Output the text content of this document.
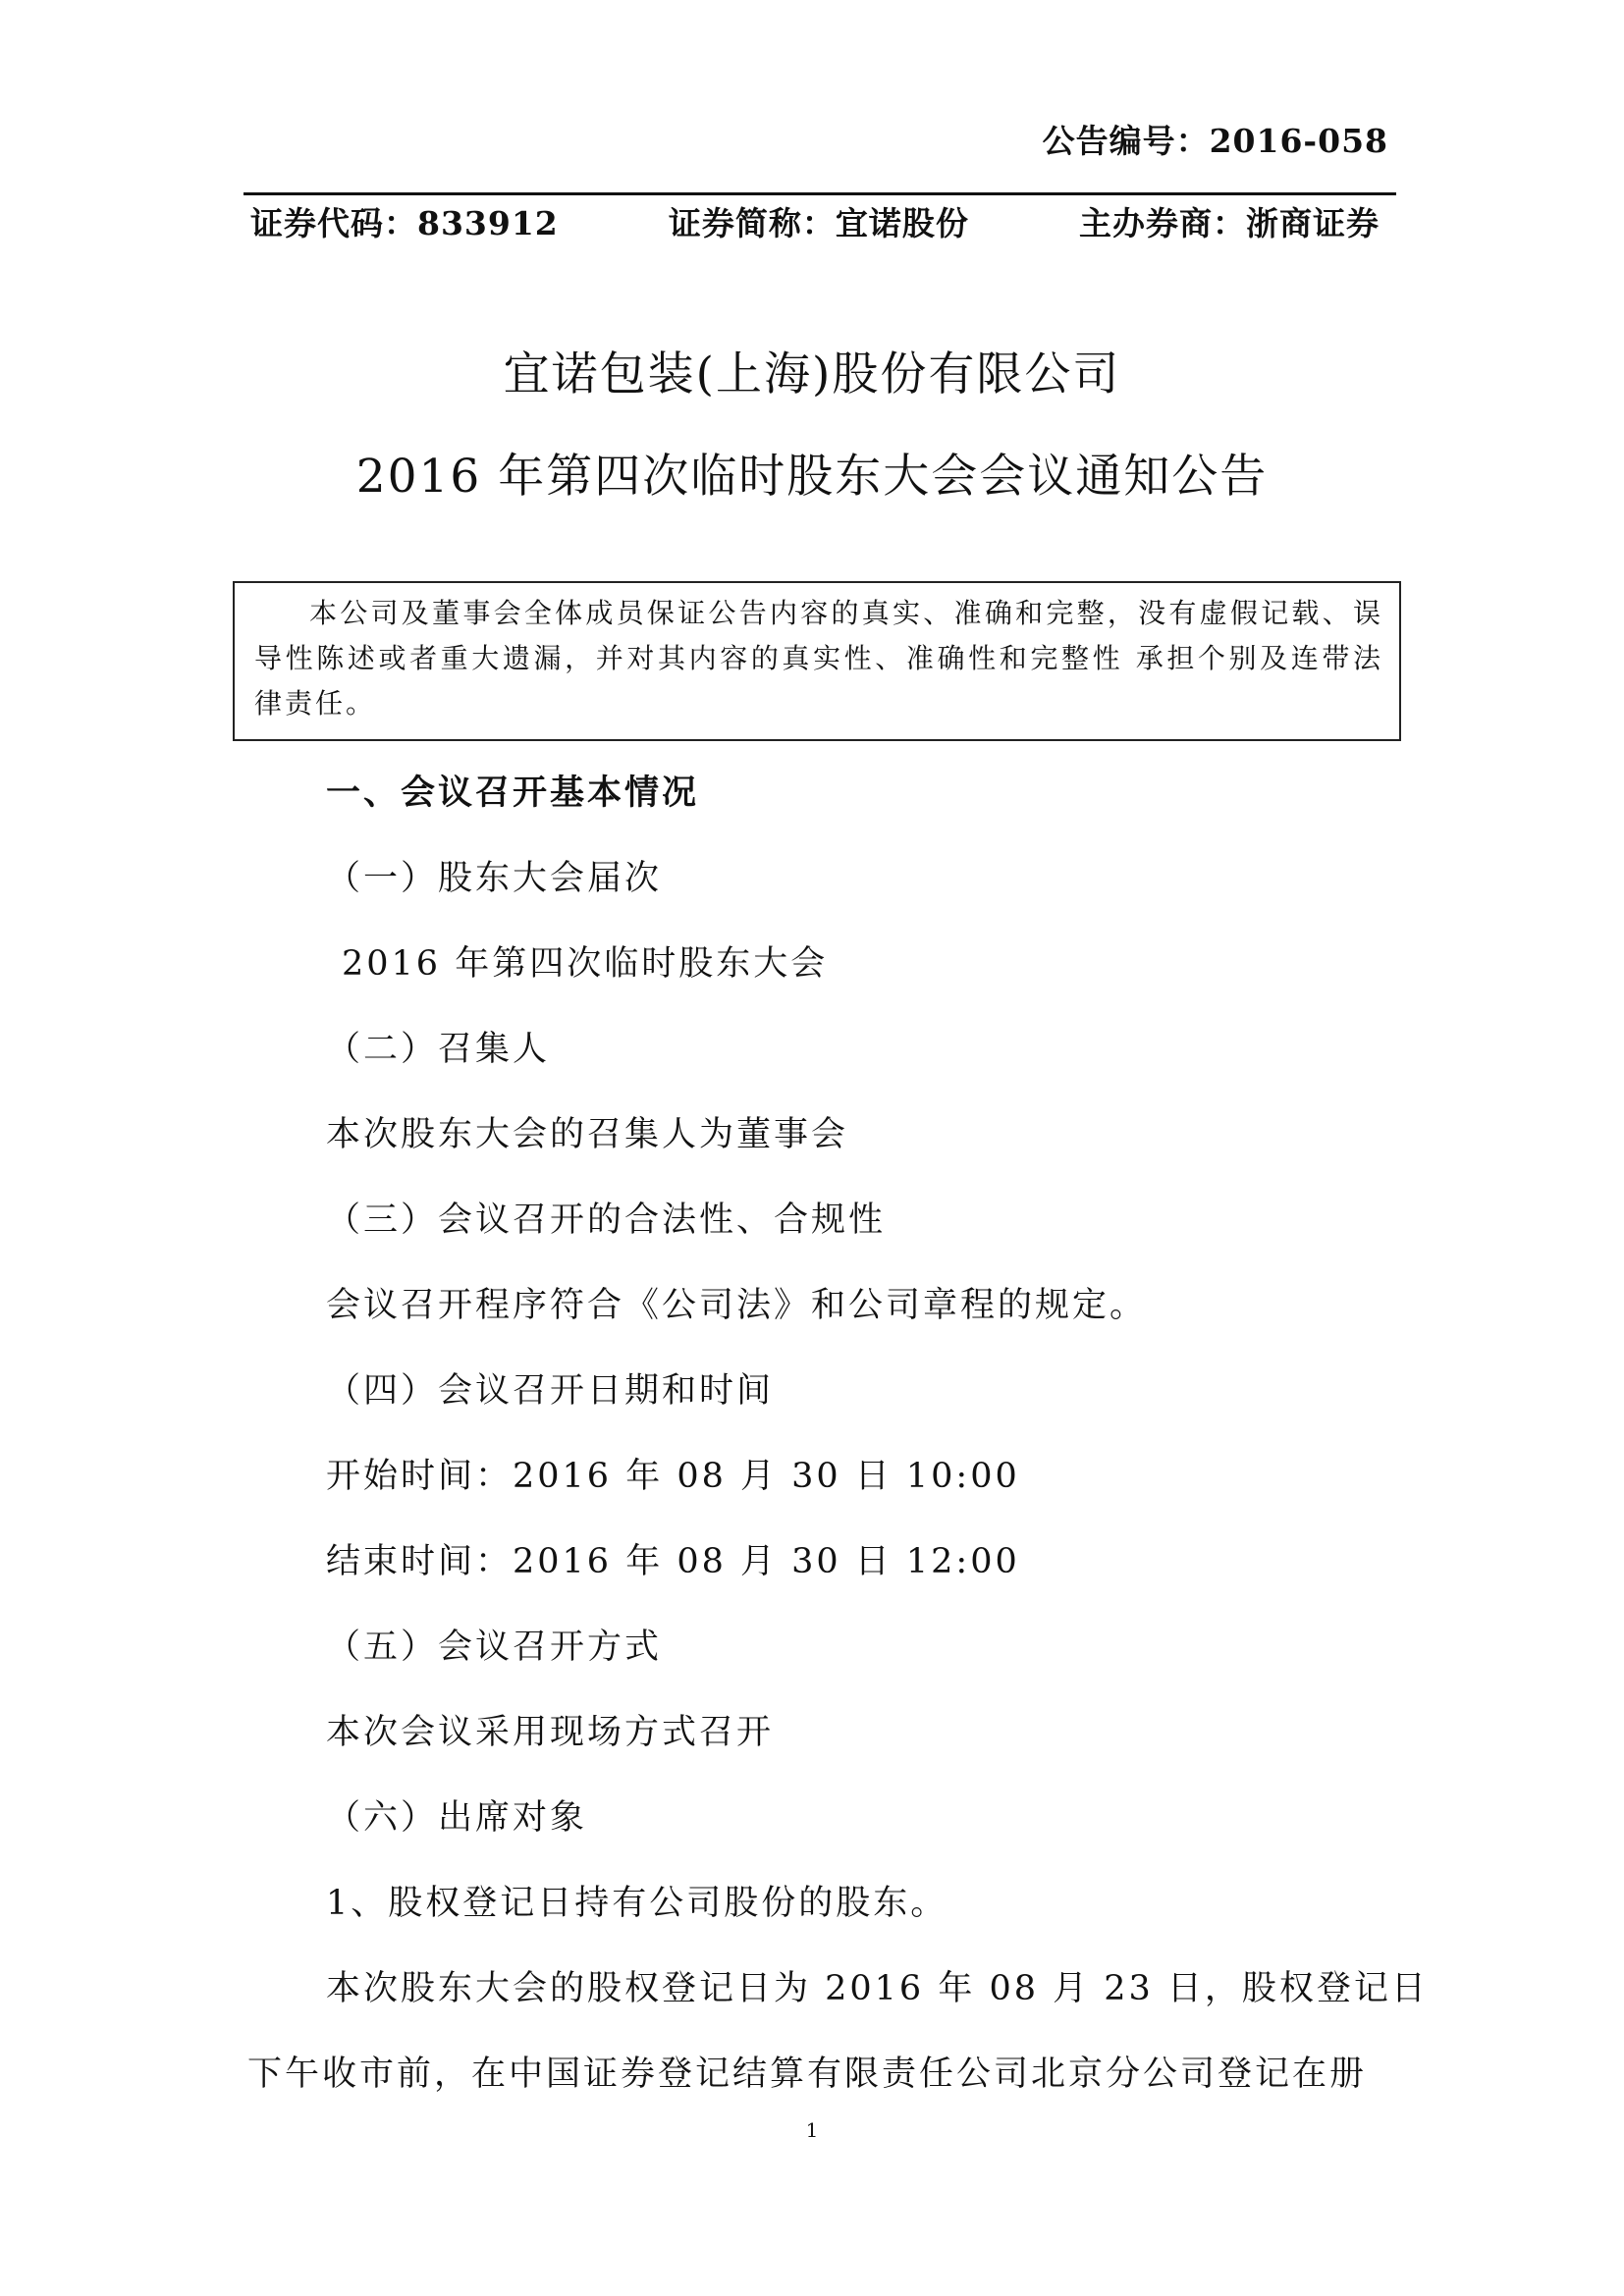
公告编号：2016-058
证券代码：833912	证券简称：宜诺股份	主办券商：浙商证券
宜诺包装(上海)股份有限公司
2016 年第四次临时股东大会会议通知公告
本公司及董事会全体成员保证公告内容的真实、准确和完整，没有虚假记载、误导性陈述或者重大遗漏，并对其内容的真实性、准确性和完整性 承担个别及连带法律责任。
一、会议召开基本情况
（一）股东大会届次
2016 年第四次临时股东大会
（二）召集人
本次股东大会的召集人为董事会
（三）会议召开的合法性、合规性
会议召开程序符合《公司法》和公司章程的规定。
（四）会议召开日期和时间
开始时间：2016 年 08 月 30 日 10:00
结束时间：2016 年 08 月 30 日 12:00
（五）会议召开方式
本次会议采用现场方式召开
（六）出席对象
1、股权登记日持有公司股份的股东。
本次股东大会的股权登记日为 2016 年 08 月 23 日，股权登记日
下午收市前，在中国证券登记结算有限责任公司北京分公司登记在册
1
